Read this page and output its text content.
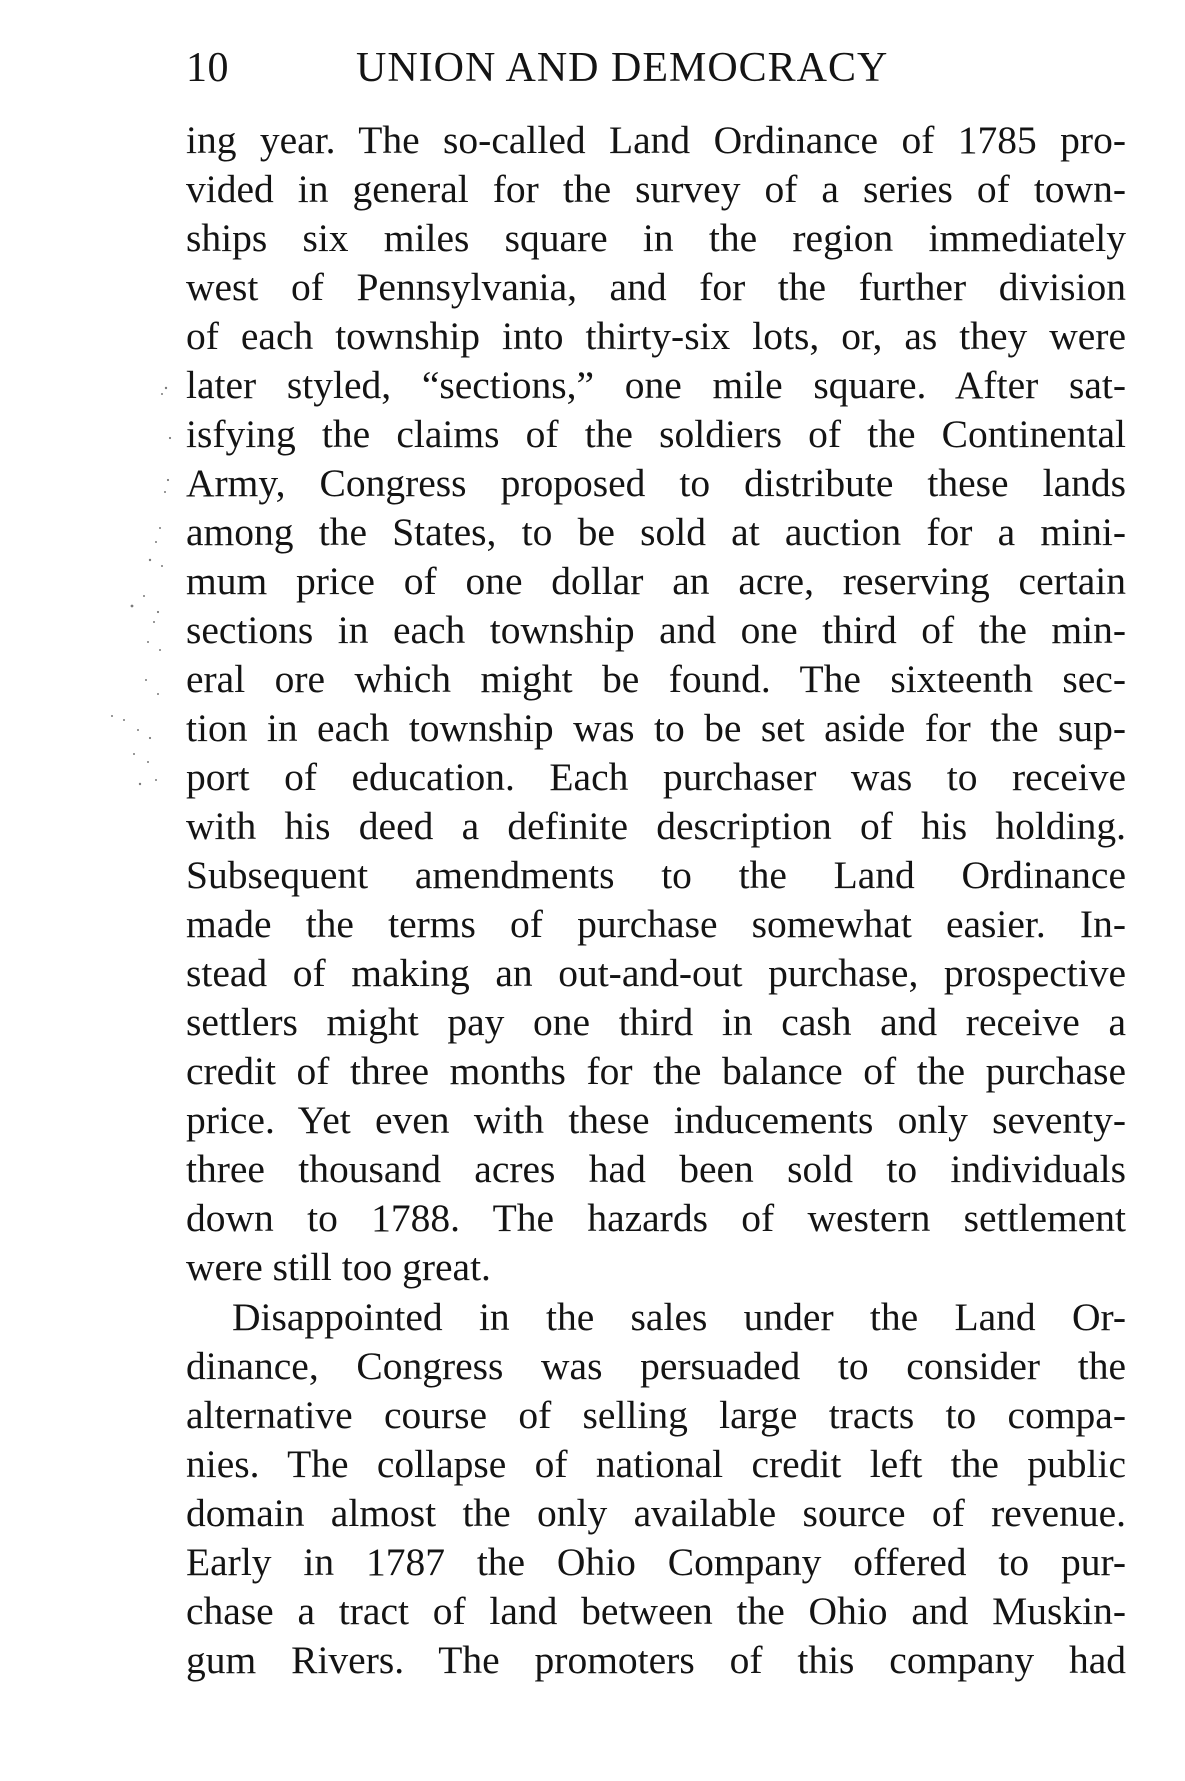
10	UNION AND DEMOCRACY
ing year. The so-called Land Ordinance of 1785 pro-
vided in general for the survey of a series of town-
ships six miles square in the region immediately
west of Pennsylvania, and for the further division
of each township into thirty-six lots, or, as they were
later styled, “sections,” one mile square. After sat-
isfying the claims of the soldiers of the Continental
Army, Congress proposed to distribute these lands
among the States, to be sold at auction for a mini-
mum price of one dollar an acre, reserving certain
sections in each township and one third of the min-
eral ore which might be found. The sixteenth sec-
tion in each township was to be set aside for the sup-
port of education. Each purchaser was to receive
with his deed a definite description of his holding.
Subsequent amendments to the Land Ordinance
made the terms of purchase somewhat easier. In-
stead of making an out-and-out purchase, prospective
settlers might pay one third in cash and receive a
credit of three months for the balance of the purchase
price. Yet even with these inducements only seventy-
three thousand acres had been sold to individuals
down to 1788. The hazards of western settlement
were still too great.
Disappointed in the sales under the Land Or-
dinance, Congress was persuaded to consider the
alternative course of selling large tracts to compa-
nies. The collapse of national credit left the public
domain almost the only available source of revenue.
Early in 1787 the Ohio Company offered to pur-
chase a tract of land between the Ohio and Muskin-
gum Rivers. The promoters of this company had
